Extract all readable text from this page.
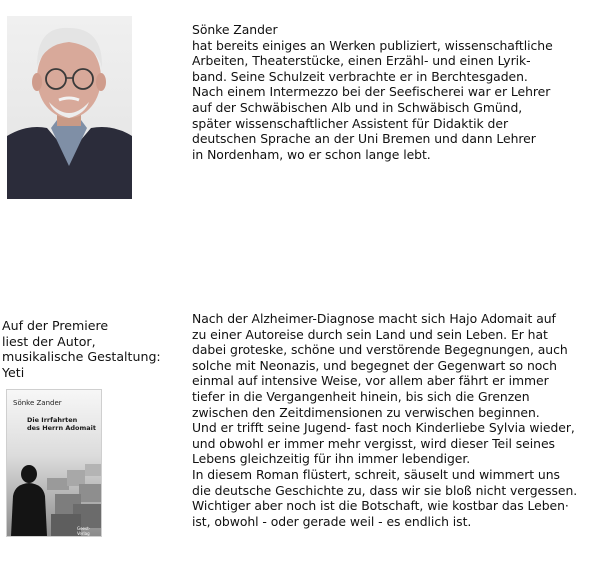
Sönke Zander
hat bereits einiges an Werken publiziert, wissenschaftliche
Arbeiten, Theaterstücke, einen Erzähl- und einen Lyrik-
band. Seine Schulzeit verbrachte er in Berchtesgaden.
Nach einem Intermezzo bei der Seefischerei war er Lehrer
auf der Schwäbischen Alb und in Schwäbisch Gmünd,
später wissenschaftlicher Assistent für Didaktik der
deutschen Sprache an der Uni Bremen und dann Lehrer
in Nordenham, wo er schon lange lebt.
Auf der Premiere
liest der Autor,
musikalische Gestaltung:
Yeti
Sönke Zander
Die Irrfahrten
des Herrn Adomait
Geest-Verlag
Nach der Alzheimer-Diagnose macht sich Hajo Adomait auf
zu einer Autoreise durch sein Land und sein Leben. Er hat
dabei groteske, schöne und verstörende Begegnungen, auch
solche mit Neonazis, und begegnet der Gegenwart so noch
einmal auf intensive Weise, vor allem aber fährt er immer
tiefer in die Vergangenheit hinein, bis sich die Grenzen
zwischen den Zeitdimensionen zu verwischen beginnen.
Und er trifft seine Jugend- fast noch Kinderliebe Sylvia wieder,
und obwohl er immer mehr vergisst, wird dieser Teil seines
Lebens gleichzeitig für ihn immer lebendiger.
In diesem Roman flüstert, schreit, säuselt und wimmert uns
die deutsche Geschichte zu, dass wir sie bloß nicht vergessen.
Wichtiger aber noch ist die Botschaft, wie kostbar das Leben·
ist, obwohl - oder gerade weil - es endlich ist.
